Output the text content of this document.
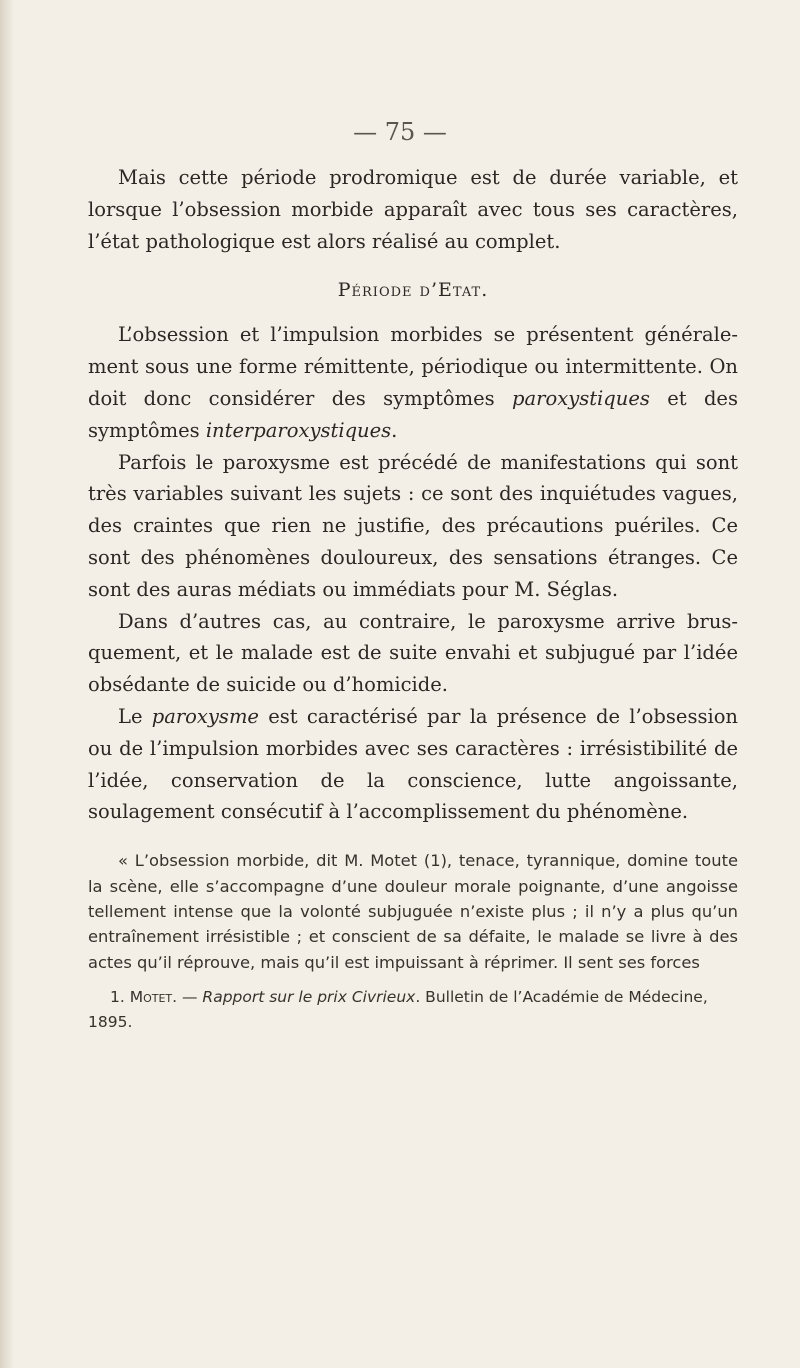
— 75 —

Mais cette période prodromique est de durée variable, et lorsque l’obsession morbide apparaît avec tous ses caractères, l’état pathologique est alors réalisé au complet.

Période d’Etat.

L’obsession et l’impulsion morbides se présentent généralement sous une forme rémittente, périodique ou intermittente. On doit donc considérer des symptômes paroxystiques et des symptômes interparoxystiques.

Parfois le paroxysme est précédé de manifestations qui sont très variables suivant les sujets : ce sont des inquiétudes vagues, des craintes que rien ne justifie, des précautions puériles. Ce sont des phénomènes douloureux, des sensations étranges. Ce sont des auras médiats ou immédiats pour M. Séglas.

Dans d’autres cas, au contraire, le paroxysme arrive brusquement, et le malade est de suite envahi et subjugué par l’idée obsédante de suicide ou d’homicide.

Le paroxysme est caractérisé par la présence de l’obsession ou de l’impulsion morbides avec ses caractères : irrésistibilité de l’idée, conservation de la conscience, lutte angoissante, soulagement consécutif à l’accomplissement du phénomène.

« L’obsession morbide, dit M. Motet (1), tenace, tyrannique, domine toute la scène, elle s’accompagne d’une douleur morale poignante, d’une angoisse tellement intense que la volonté subjuguée n’existe plus ; il n’y a plus qu’un entraînement irrésistible ; et conscient de sa défaite, le malade se livre à des actes qu’il réprouve, mais qu’il est impuissant à réprimer. Il sent ses forces

1. Motet. — Rapport sur le prix Civrieux. Bulletin de l’Académie de Médecine, 1895.
